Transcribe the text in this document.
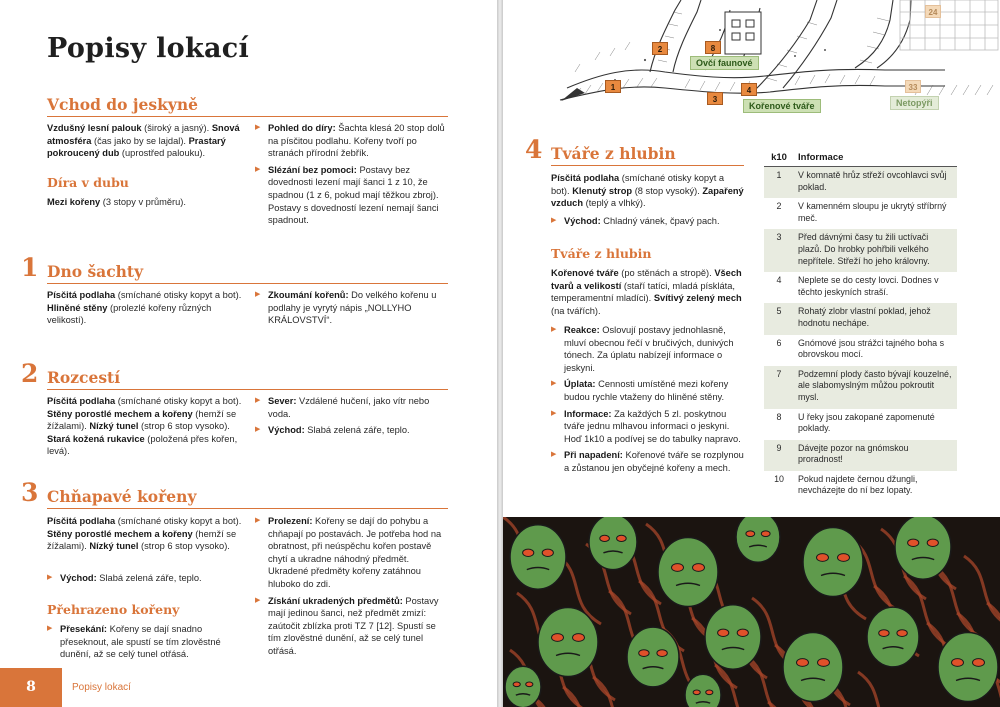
Popisy lokací
Vchod do jeskyně
Vzdušný lesní palouk (široký a jasný). Snová atmosféra (čas jako by se lajdal). Prastarý pokroucený dub (uprostřed palouku).
Díra v dubu
Mezi kořeny (3 stopy v průměru).
▶ Pohled do díry: Šachta klesá 20 stop dolů na písčitou podlahu. Kořeny tvoří po stranách přírodní žebřík.
▶ Slézání bez pomoci: Postavy bez dovednosti lezení mají šanci 1 z 10, že spadnou (1 z 6, pokud mají těžkou zbroj). Postavy s dovedností lezení nemají šanci spadnout.
1 Dno šachty
Písčitá podlaha (smíchané otisky kopyt a bot). Hliněné stěny (prolezlé kořeny různých velikostí).
▶ Zkoumání kořenů: Do velkého kořenu u podlahy je vyrytý nápis „NOLLYHO KRÁLOVSTVÍ“.
2 Rozcestí
Písčitá podlaha (smíchané otisky kopyt a bot). Stěny porostlé mechem a kořeny (hemží se žížalami). Nízký tunel (strop 6 stop vysoko). Stará kožená rukavice (položená přes kořen, levá).
▶ Sever: Vzdálené hučení, jako vítr nebo voda.
▶ Východ: Slabá zelená záře, teplo.
3 Chňapavé kořeny
Písčitá podlaha (smíchané otisky kopyt a bot). Stěny porostlé mechem a kořeny (hemží se žížalami). Nízký tunel (strop 6 stop vysoko).
▶ Východ: Slabá zelená záře, teplo.
Přehrazeno kořeny
▶ Přesekání: Kořeny se dají snadno přeseknout, ale spustí se tím zlověstné dunění, až se celý tunel otřásá.
▶ Prolezení: Kořeny se dají do pohybu a chňapají po postavách. Je potřeba hod na obratnost, při neúspěchu kořen postavě chytí a ukradne náhodný předmět. Ukradené předměty kořeny zatáhnou hluboko do zdi.
▶ Získání ukradených předmětů: Postavy mají jedinou šanci, než předmět zmizí: zaútočit zblízka proti TZ 7 [12]. Spustí se tím zlověstné dunění, až se celý tunel otřásá.
8	Popisy lokací
Ovčí faunové
Kořenové tváře	Netopýři
1
2
3
4
8
33
24
4 Tváře z hlubin
Písčitá podlaha (smíchané otisky kopyt a bot). Klenutý strop (8 stop vysoký). Zapařený vzduch (teplý a vlhký).
▶ Východ: Chladný vánek, čpavý pach.
Tváře z hlubin
Kořenové tváře (po stěnách a stropě). Všech tvarů a velikostí (staří tatíci, mladá pískláta, temperamentní mladíci). Svítivý zelený mech (na tvářích).
▶ Reakce: Oslovují postavy jednohlasně, mluví obecnou řečí v bručivých, dunivých tónech. Za úplatu nabízejí informace o jeskyni.
▶ Úplata: Cennosti umístěné mezi kořeny budou rychle vtaženy do hliněné stěny.
▶ Informace: Za každých 5 zl. poskytnou tváře jednu mlhavou informaci o jeskyni. Hoď 1k10 a podívej se do tabulky napravo.
▶ Při napadení: Kořenové tváře se rozplynou a zůstanou jen obyčejné kořeny a mech.
k10	Informace
1	V komnatě hrůz střeží ovcohlavci svůj poklad.
2	V kamenném sloupu je ukrytý stříbrný meč.
3	Před dávnými časy tu žili uctívači plazů. Do hrobky pohřbili velkého nepřítele. Střeží ho jeho královny.
4	Neplete se do cesty lovci. Dodnes v těchto jeskyních straší.
5	Rohatý zlobr vlastní poklad, jehož hodnotu nechápe.
6	Gnómové jsou strážci tajného boha s obrovskou mocí.
7	Podzemní plody často bývají kouzelné, ale slabomyslným můžou pokroutit mysl.
8	U řeky jsou zakopané zapomenuté poklady.
9	Dávejte pozor na gnómskou proradnost!
10	Pokud najdete černou džungli, nevcházejte do ní bez lopaty.
